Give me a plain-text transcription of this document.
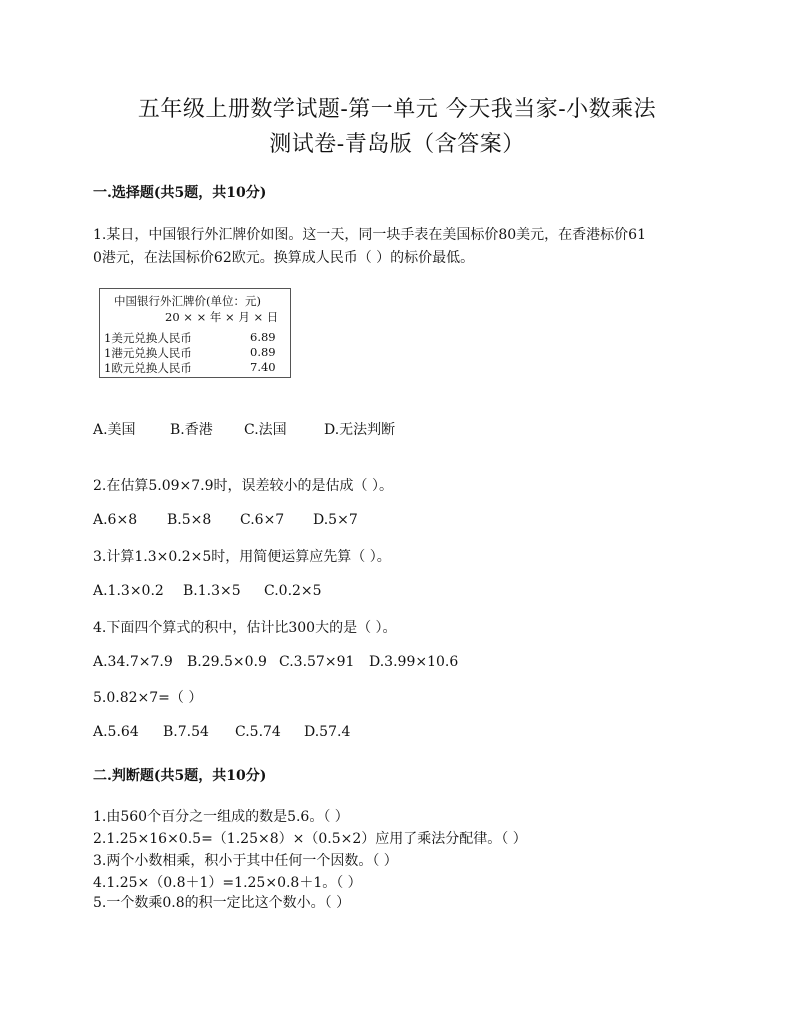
五年级上册数学试题-第一单元 今天我当家-小数乘法
测试卷-青岛版（含答案）
一.选择题(共5题，共10分)
1.某日，中国银行外汇牌价如图。这一天，同一块手表在美国标价80美元，在香港标价61
0港元，在法国标价62欧元。换算成人民币（ ）的标价最低。
中国银行外汇牌价(单位：元)
20 × × 年 × 月 × 日
1美元兑换人民币	6.89
1港元兑换人民币	0.89
1欧元兑换人民币	7.40
A.美国 B.香港 C.法国	D.无法判断
2.在估算5.09×7.9时，误差较小的是估成（ ）。
A.6×8 B.5×8 C.6×7 D.5×7
3.计算1.3×0.2×5时，用简便运算应先算（ ）。
A.1.3×0.2 B.1.3×5 C.0.2×5
4.下面四个算式的积中，估计比300大的是（ ）。
A.34.7×7.9 B.29.5×0.9 C.3.57×91 D.3.99×10.6
5.0.82×7=（ ）
A.5.64 B.7.54 C.5.74 D.57.4
二.判断题(共5题，共10分)
1.由560个百分之一组成的数是5.6。（ ）
2.1.25×16×0.5=（1.25×8）×（0.5×2）应用了乘法分配律。（ ）
3.两个小数相乘，积小于其中任何一个因数。（ ）
4.1.25×（0.8＋1）=1.25×0.8＋1。（ ）
5.一个数乘0.8的积一定比这个数小。（ ）
